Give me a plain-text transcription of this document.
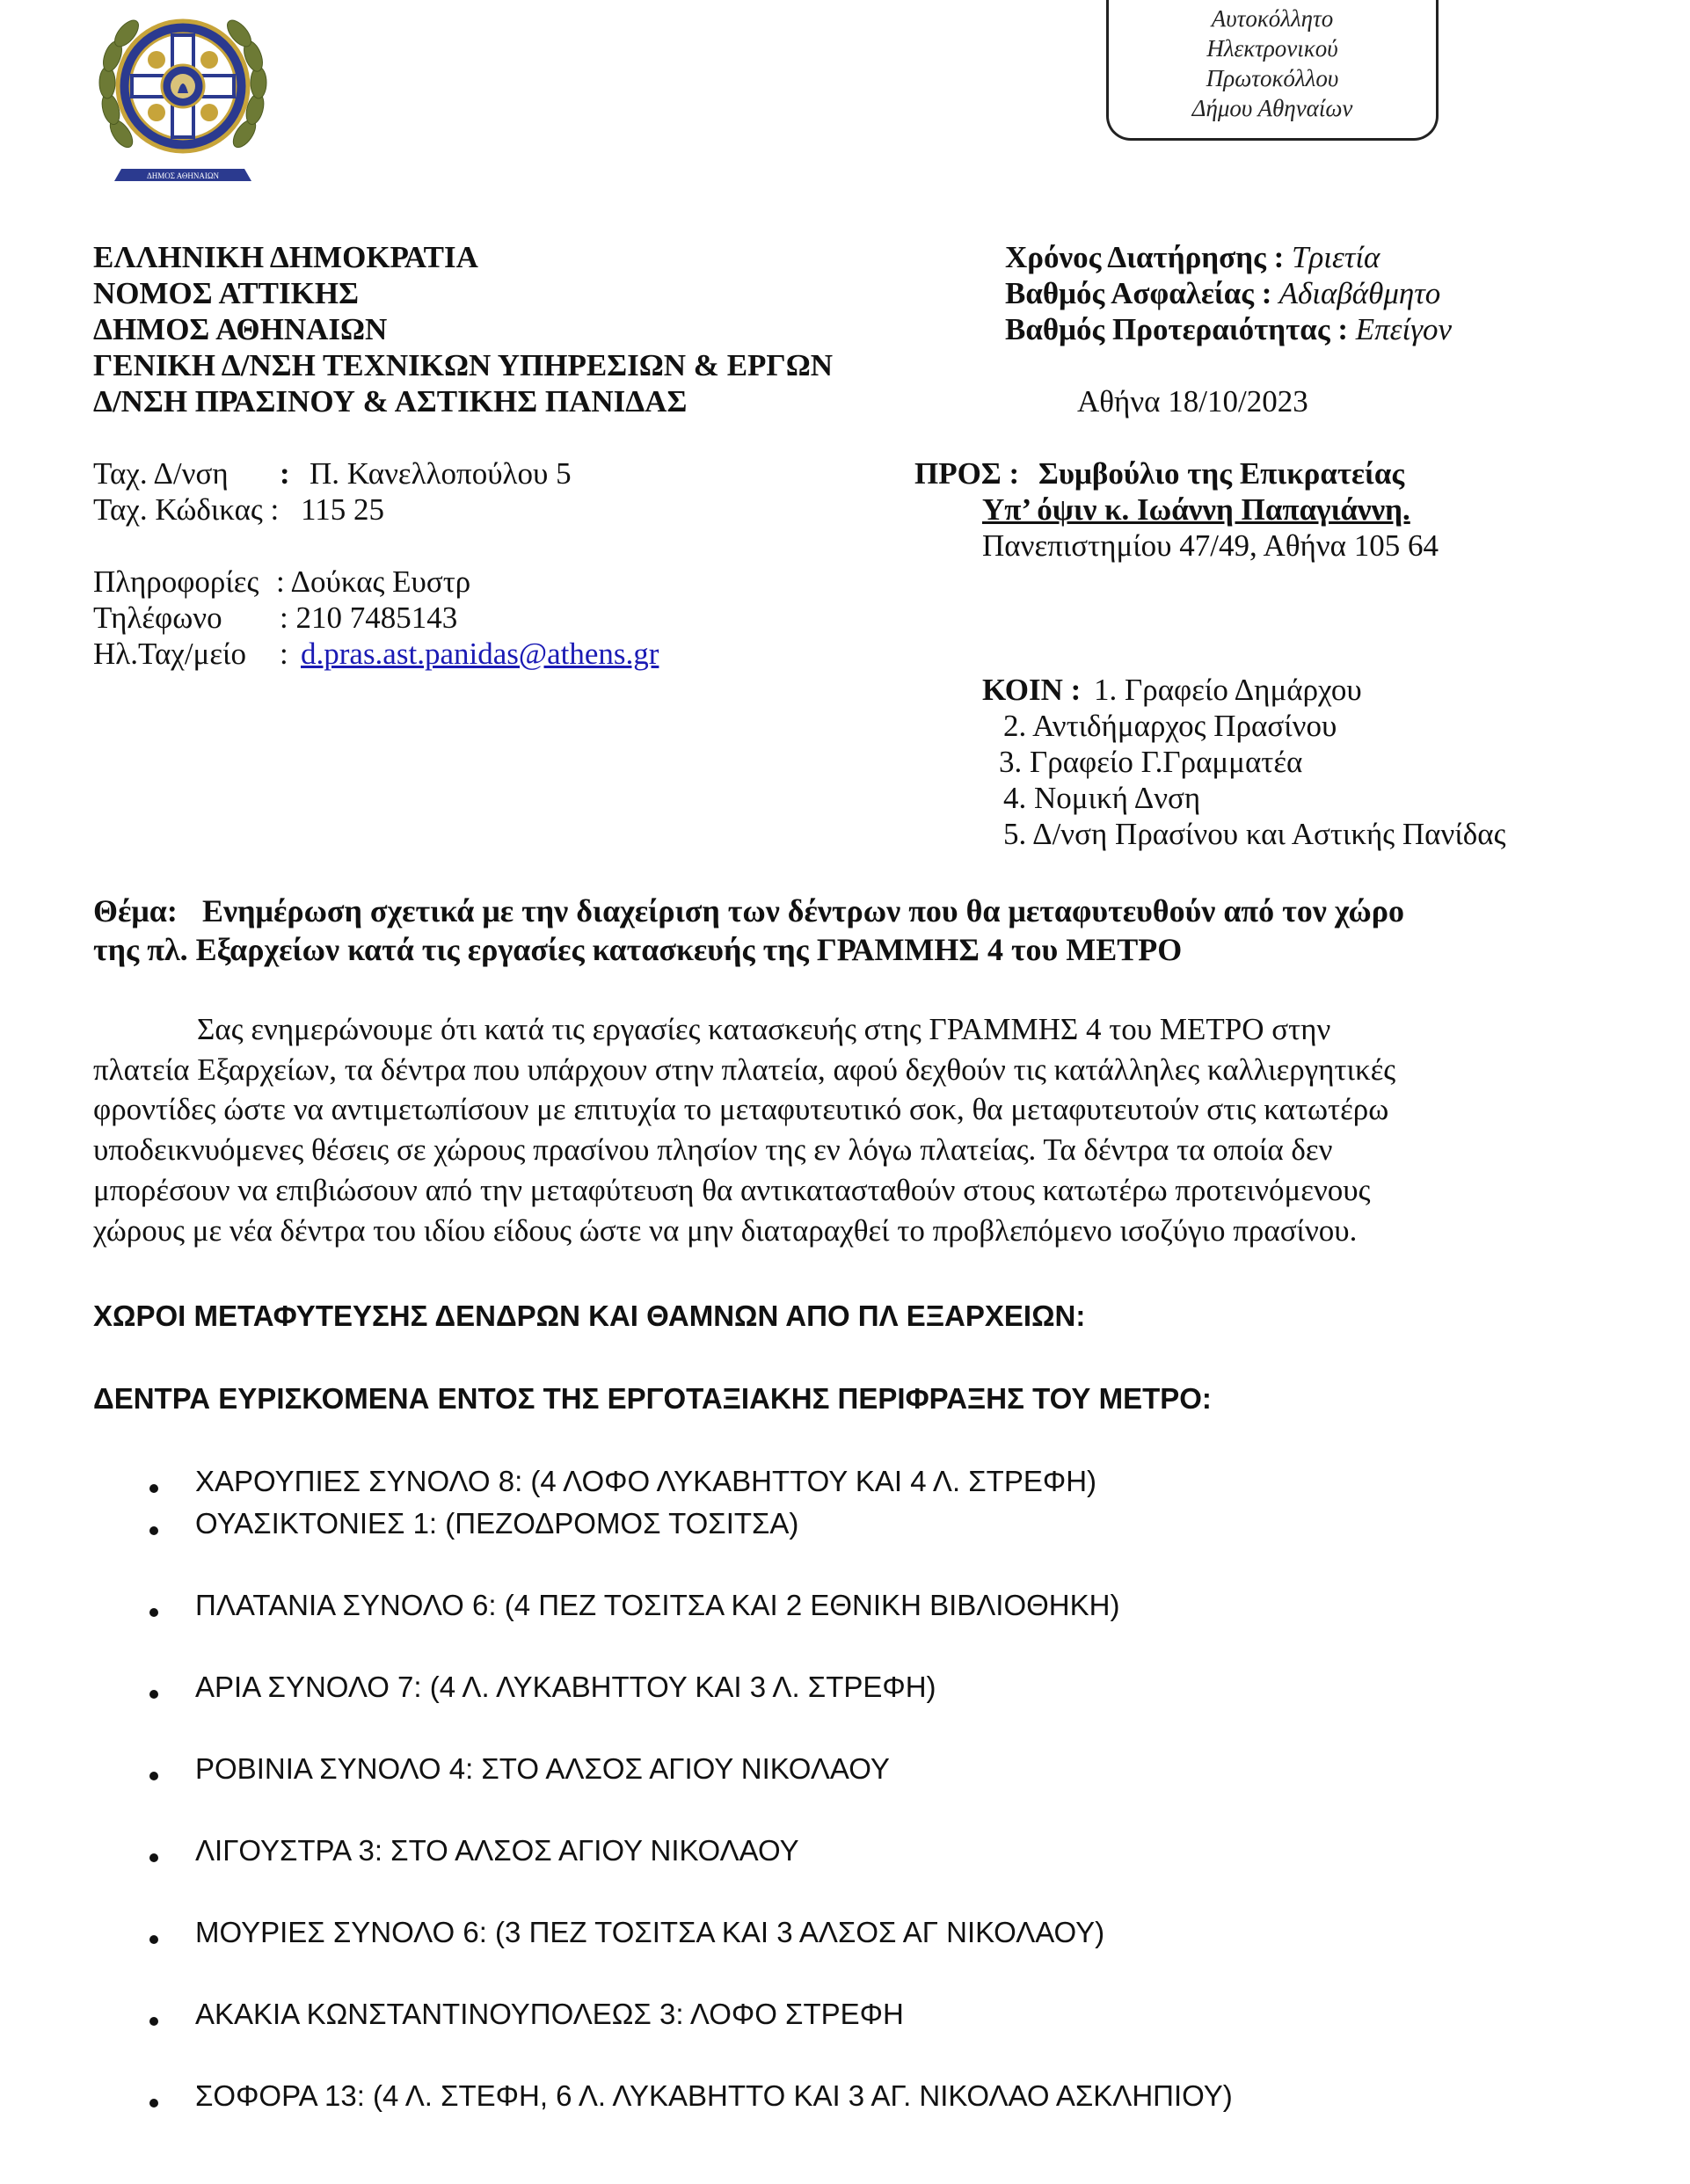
ΔΗΜΟΣ ΑΘΗΝΑΙΩΝ
Αυτοκόλλητο
Ηλεκτρονικού
Πρωτοκόλλου
Δήμου Αθηναίων
ΕΛΛΗΝΙΚΗ ΔΗΜΟΚΡΑΤΙΑ
ΝΟΜΟΣ ΑΤΤΙΚΗΣ
ΔΗΜΟΣ ΑΘΗΝΑΙΩΝ
ΓΕΝΙΚΗ Δ/ΝΣΗ ΤΕΧΝΙΚΩΝ ΥΠΗΡΕΣΙΩΝ & ΕΡΓΩΝ
Δ/ΝΣΗ ΠΡΑΣΙΝΟΥ & ΑΣΤΙΚΗΣ ΠΑΝΙΔΑΣ
Χρόνος Διατήρησης : Τριετία
Βαθμός Ασφαλείας : Αδιαβάθμητο
Βαθμός Προτεραιότητας : Επείγον
Αθήνα 18/10/2023
Ταχ. Δ/νση : Π. Κανελλοπούλου 5
Ταχ. Κώδικας : 115 25
Πληροφορίες : Δούκας Ευστρ
Τηλέφωνο : 210 7485143
Ηλ.Ταχ/μείο : d.pras.ast.panidas@athens.gr
ΠΡΟΣ : Συμβούλιο της Επικρατείας
Υπ’ όψιν κ. Ιωάννη Παπαγιάννη.
Πανεπιστημίου 47/49, Αθήνα 105 64
ΚΟΙΝ : 1. Γραφείο Δημάρχου
2. Αντιδήμαρχος Πρασίνου
3. Γραφείο Γ.Γραμματέα
4. Νομική Δνση
5. Δ/νση Πρασίνου και Αστικής Πανίδας
Θέμα: Ενημέρωση σχετικά με την διαχείριση των δέντρων που θα μεταφυτευθούν από τον χώρο
της πλ. Εξαρχείων κατά τις εργασίες κατασκευής της ΓΡΑΜΜΗΣ 4 του ΜΕΤΡΟ
Σας ενημερώνουμε ότι κατά τις εργασίες κατασκευής στης ΓΡΑΜΜΗΣ 4 του ΜΕΤΡΟ στην
πλατεία Εξαρχείων, τα δέντρα που υπάρχουν στην πλατεία, αφού δεχθούν τις κατάλληλες καλλιεργητικές
φροντίδες ώστε να αντιμετωπίσουν με επιτυχία το μεταφυτευτικό σοκ, θα μεταφυτευτούν στις κατωτέρω
υποδεικνυόμενες θέσεις σε χώρους πρασίνου πλησίον της εν λόγω πλατείας. Τα δέντρα τα οποία δεν
μπορέσουν να επιβιώσουν από την μεταφύτευση θα αντικατασταθούν στους κατωτέρω προτεινόμενους
χώρους με νέα δέντρα του ιδίου είδους ώστε να μην διαταραχθεί το προβλεπόμενο ισοζύγιο πρασίνου.
ΧΩΡΟΙ ΜΕΤΑΦΥΤΕΥΣΗΣ ΔΕΝΔΡΩΝ ΚΑΙ ΘΑΜΝΩΝ ΑΠΟ ΠΛ ΕΞΑΡΧΕΙΩΝ:
ΔΕΝΤΡΑ ΕΥΡΙΣΚΟΜΕΝΑ ΕΝΤΟΣ ΤΗΣ ΕΡΓΟΤΑΞΙΑΚΗΣ ΠΕΡΙΦΡΑΞΗΣ ΤΟΥ ΜΕΤΡΟ:
ΧΑΡΟΥΠΙΕΣ ΣΥΝΟΛΟ 8: (4 ΛΟΦΟ ΛΥΚΑΒΗΤΤΟΥ ΚΑΙ 4 Λ. ΣΤΡΕΦΗ)
ΟΥΑΣΙΚΤΟΝΙΕΣ 1: (ΠΕΖΟΔΡΟΜΟΣ ΤΟΣΙΤΣΑ)
ΠΛΑΤΑΝΙΑ ΣΥΝΟΛΟ 6: (4 ΠΕΖ ΤΟΣΙΤΣΑ ΚΑΙ 2 ΕΘΝΙΚΗ ΒΙΒΛΙΟΘΗΚΗ)
ΑΡΙΑ ΣΥΝΟΛΟ 7: (4 Λ. ΛΥΚΑΒΗΤΤΟΥ ΚΑΙ 3 Λ. ΣΤΡΕΦΗ)
ΡΟΒΙΝΙΑ ΣΥΝΟΛΟ 4: ΣΤΟ ΑΛΣΟΣ ΑΓΙΟΥ ΝΙΚΟΛΑΟΥ
ΛΙΓΟΥΣΤΡΑ 3: ΣΤΟ ΑΛΣΟΣ ΑΓΙΟΥ ΝΙΚΟΛΑΟΥ
ΜΟΥΡΙΕΣ ΣΥΝΟΛΟ 6: (3 ΠΕΖ ΤΟΣΙΤΣΑ ΚΑΙ 3 ΑΛΣΟΣ ΑΓ ΝΙΚΟΛΑΟΥ)
ΑΚΑΚΙΑ ΚΩΝΣΤΑΝΤΙΝΟΥΠΟΛΕΩΣ 3: ΛΟΦΟ ΣΤΡΕΦΗ
ΣΟΦΟΡΑ 13: (4 Λ. ΣΤΕΦΗ, 6 Λ. ΛΥΚΑΒΗΤΤΟ ΚΑΙ 3 ΑΓ. ΝΙΚΟΛΑΟ ΑΣΚΛΗΠΙΟΥ)
